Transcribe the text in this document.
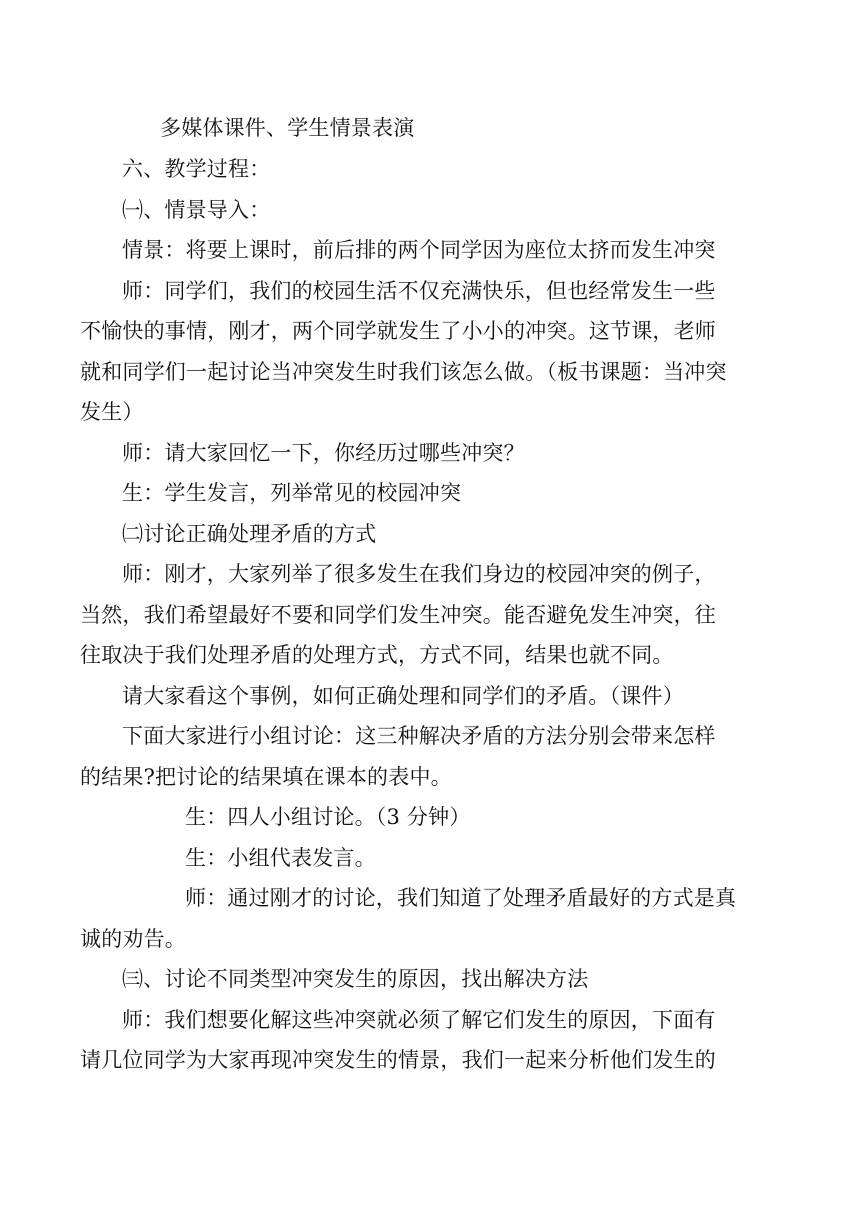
多媒体课件、学生情景表演
六、教学过程：
㈠、情景导入：
情景：将要上课时，前后排的两个同学因为座位太挤而发生冲突
师：同学们，我们的校园生活不仅充满快乐，但也经常发生一些
不愉快的事情，刚才，两个同学就发生了小小的冲突。这节课，老师
就和同学们一起讨论当冲突发生时我们该怎么做。（板书课题：当冲突
发生）
师：请大家回忆一下，你经历过哪些冲突？
生：学生发言，列举常见的校园冲突
㈡讨论正确处理矛盾的方式
师：刚才，大家列举了很多发生在我们身边的校园冲突的例子，
当然，我们希望最好不要和同学们发生冲突。能否避免发生冲突，往
往取决于我们处理矛盾的处理方式，方式不同，结果也就不同。
请大家看这个事例，如何正确处理和同学们的矛盾。（课件）
下面大家进行小组讨论：这三种解决矛盾的方法分别会带来怎样
的结果?把讨论的结果填在课本的表中。
生：四人小组讨论。（3 分钟）
生：小组代表发言。
师：通过刚才的讨论，我们知道了处理矛盾最好的方式是真
诚的劝告。
㈢、讨论不同类型冲突发生的原因，找出解决方法
师：我们想要化解这些冲突就必须了解它们发生的原因，下面有
请几位同学为大家再现冲突发生的情景，我们一起来分析他们发生的
